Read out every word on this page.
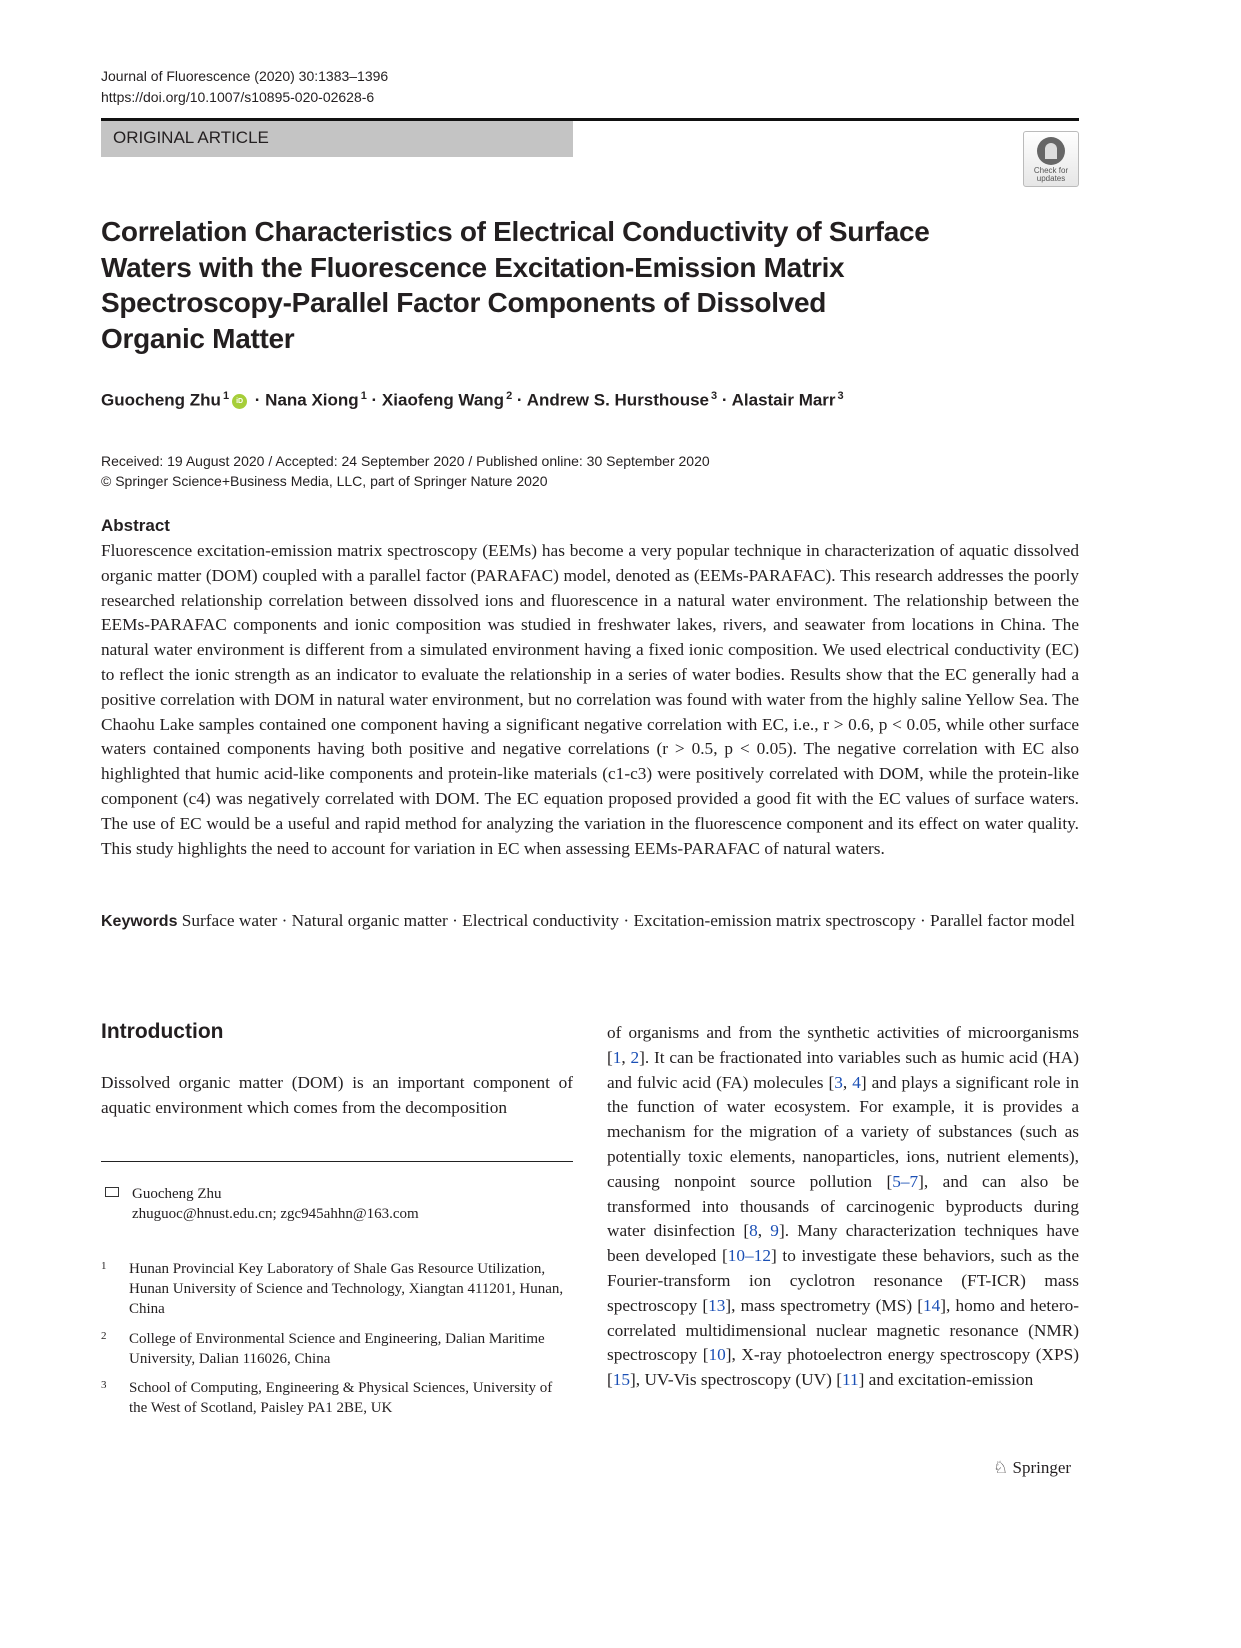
Journal of Fluorescence (2020) 30:1383–1396
https://doi.org/10.1007/s10895-020-02628-6
ORIGINAL ARTICLE
Check for updates
Correlation Characteristics of Electrical Conductivity of Surface
Waters with the Fluorescence Excitation-Emission Matrix
Spectroscopy-Parallel Factor Components of Dissolved
Organic Matter
Guocheng Zhu $^1$ iD · Nana Xiong $^1$ · Xiaofeng Wang $^2$ · Andrew S. Hursthouse $^3$ · Alastair Marr $^3$
Received: 19 August 2020 / Accepted: 24 September 2020 / Published online: 30 September 2020
© Springer Science+Business Media, LLC, part of Springer Nature 2020
Abstract
Fluorescence excitation-emission matrix spectroscopy (EEMs) has become a very popular technique in characterization of aquatic dissolved organic matter (DOM) coupled with a parallel factor (PARAFAC) model, denoted as (EEMs-PARAFAC). This research addresses the poorly researched relationship correlation between dissolved ions and fluorescence in a natural water environment. The relationship between the EEMs-PARAFAC components and ionic composition was studied in freshwater lakes, rivers, and seawater from locations in China. The natural water environment is different from a simulated environment having a fixed ionic composition. We used electrical conductivity (EC) to reflect the ionic strength as an indicator to evaluate the relationship in a series of water bodies. Results show that the EC generally had a positive correlation with DOM in natural water environment, but no correlation was found with water from the highly saline Yellow Sea. The Chaohu Lake samples contained one component having a significant negative correlation with EC, i.e., r > 0.6, p < 0.05, while other surface waters contained components having both positive and negative correlations (r > 0.5, p < 0.05). The negative correlation with EC also highlighted that humic acid-like components and protein-like materials (c1-c3) were positively correlated with DOM, while the protein-like component (c4) was negatively correlated with DOM. The EC equation proposed provided a good fit with the EC values of surface waters. The use of EC would be a useful and rapid method for analyzing the variation in the fluorescence component and its effect on water quality. This study highlights the need to account for variation in EC when assessing EEMs-PARAFAC of natural waters.
Keywords Surface water · Natural organic matter · Electrical conductivity · Excitation-emission matrix spectroscopy · Parallel factor model
Introduction
Dissolved organic matter (DOM) is an important component of aquatic environment which comes from the decomposition
of organisms and from the synthetic activities of microorganisms [1, 2]. It can be fractionated into variables such as humic acid (HA) and fulvic acid (FA) molecules [3, 4] and plays a significant role in the function of water ecosystem. For example, it is provides a mechanism for the migration of a variety of substances (such as potentially toxic elements, nanoparticles, ions, nutrient elements), causing nonpoint source pollution [5–7], and can also be transformed into thousands of carcinogenic byproducts during water disinfection [8, 9]. Many characterization techniques have been developed [10–12] to investigate these behaviors, such as the Fourier-transform ion cyclotron resonance (FT-ICR) mass spectroscopy [13], mass spectrometry (MS) [14], homo and hetero-correlated multidimensional nuclear magnetic resonance (NMR) spectroscopy [10], X-ray photoelectron energy spectroscopy (XPS) [15], UV-Vis spectroscopy (UV) [11] and excitation-emission
Guocheng Zhu
zhuguoc@hnust.edu.cn; zgc945ahhn@163.com
1 Hunan Provincial Key Laboratory of Shale Gas Resource Utilization, Hunan University of Science and Technology, Xiangtan 411201, Hunan, China
2 College of Environmental Science and Engineering, Dalian Maritime University, Dalian 116026, China
3 School of Computing, Engineering & Physical Sciences, University of the West of Scotland, Paisley PA1 2BE, UK
♘ Springer
